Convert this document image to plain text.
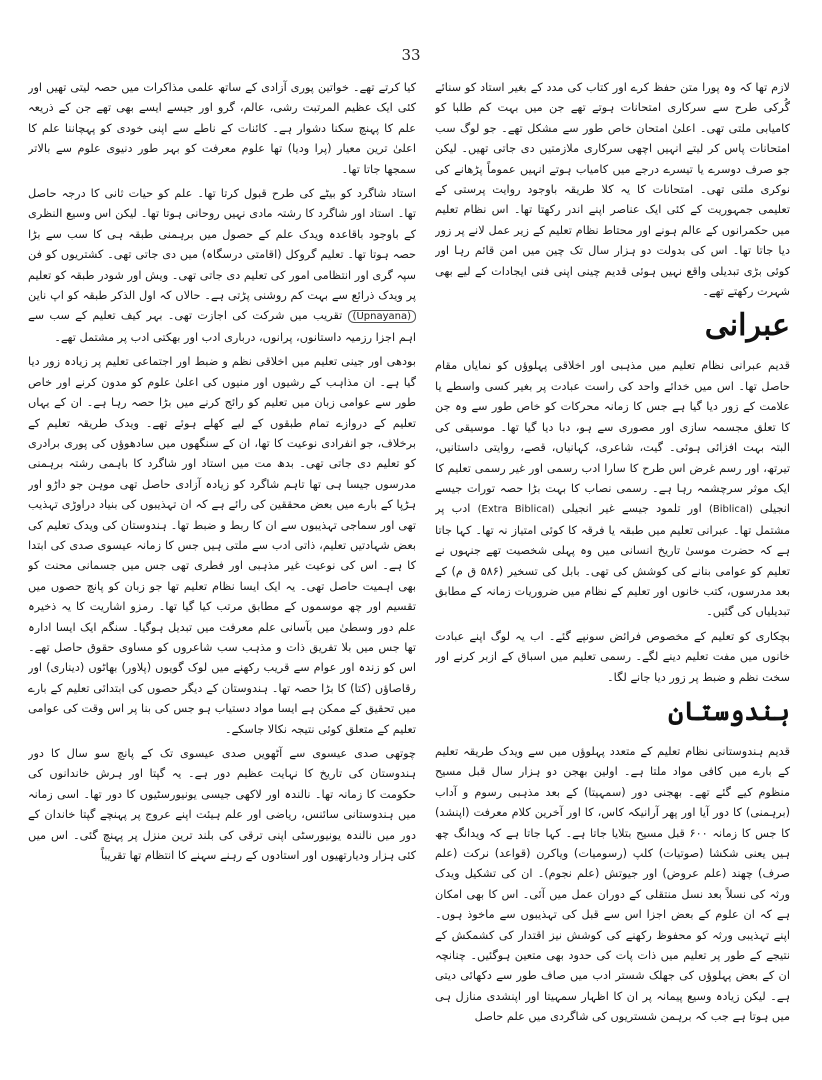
33

لازم تھا کہ وہ پورا متن حفظ کرے اور کتاب کی مدد کے بغیر استاد کو سنائے گُرکی طرح سے سرکاری امتحانات ہوتے تھے جن میں بہت کم طلبا کو کامیابی ملتی تھی۔ اعلیٰ امتحان خاص طور سے مشکل تھے۔ جو لوگ سب امتحانات پاس کر لیتے انہیں اچھی سرکاری ملازمتیں دی جاتی تھیں۔ لیکن جو صرف دوسرے یا تیسرے درجے میں کامیاب ہوتے انہیں عموماً پڑھانے کی نوکری ملتی تھی۔ امتحانات کا یہ کلا طریقہ باوجود روایت پرستی کے تعلیمی جمہوریت کے کئی ایک عناصر اپنے اندر رکھتا تھا۔ اس نظام تعلیم میں حکمرانوں کے عالم ہونے اور محتاط نظام تعلیم کے زیر عمل لانے پر زور دیا جاتا تھا۔ اس کی بدولت دو ہزار سال تک چین میں امن قائم رہا اور کوئی بڑی تبدیلی واقع نہیں ہوئی قدیم چینی اپنی فنی ایجادات کے لیے بھی شہرت رکھتے تھے۔

عبرانی

قدیم عبرانی نظام تعلیم میں مذہبی اور اخلاقی پہلوؤں کو نمایاں مقام حاصل تھا۔ اس میں خدائے واحد کی راست عبادت پر بغیر کسی واسطے یا علامت کے زور دیا گیا ہے جس کا زمانہ محرکات کو خاص طور سے وہ جن کا تعلق مجسمہ سازی اور مصوری سے ہو، دبا دیا گیا تھا۔ موسیقی کی البتہ بہت افزائی ہوئی۔ گیت، شاعری، کہانیاں، قصے، روایتی داستانیں، تیرتھ، اور رسم غرض اس طرح کا سارا ادب رسمی اور غیر رسمی تعلیم کا ایک موثر سرچشمہ رہا ہے۔ رسمی نصاب کا بہت بڑا حصہ تورات جیسے انجیلی (Biblical) اور تلمود جیسے غیر انجیلی (Extra Biblical) ادب پر مشتمل تھا۔ عبرانی تعلیم میں طبقہ یا فرقہ کا کوئی امتیاز نہ تھا۔ کہا جاتا ہے کہ حضرت موسیٰ تاریخ انسانی میں وہ پہلی شخصیت تھے جنہوں نے تعلیم کو عوامی بنانے کی کوشش کی تھی۔ بابل کی تسخیر (۵۸۶ ق م) کے بعد مدرسوں، کتب خانوں اور تعلیم کے نظام میں ضروریات زمانہ کے مطابق تبدیلیاں کی گئیں۔

بچکاری کو تعلیم کے مخصوص فرائض سونپے گئے۔ اب یہ لوگ اپنے عبادت خانوں میں مفت تعلیم دینے لگے۔ رسمی تعلیم میں اسباق کے ازبر کرنے اور سخت نظم و ضبط پر زور دیا جانے لگا۔

ہندوستان

قدیم ہندوستانی نظام تعلیم کے متعدد پہلوؤں میں سے ویدک طریقہ تعلیم کے بارے میں کافی مواد ملتا ہے۔ اولین بھجن دو ہزار سال قبل مسیح منظوم کیے گئے تھے۔ بھجنی دور (سمہیتا) کے بعد مذہبی رسوم و آداب (برہمنی) کا دور آیا اور پھر آرانیکہ کاس، کا اور آخرین کلام معرفت (اپنشد) کا جس کا زمانہ ۶۰۰ قبل مسیح بتلایا جاتا ہے۔ کہا جاتا ہے کہ ویدانگ چھ ہیں یعنی شکشا (صوتیات) کلپ (رسومیات) ویاکرن (قواعد) نرکت (علم صرف) چھند (علم عروض) اور جیوتش (علم نجوم)۔ ان کی تشکیل ویدک ورثہ کی نسلاً بعد نسل منتقلی کے دوران عمل میں آئی۔ اس کا بھی امکان ہے کہ ان علوم کے بعض اجزا اس سے قبل کی تہذیبوں سے ماخوذ ہوں۔ اپنے تہذیبی ورثہ کو محفوظ رکھنے کی کوشش نیز اقتدار کی کشمکش کے نتیجے کے طور پر تعلیم میں ذات پات کی حدود بھی متعین ہوگئیں۔ چنانچہ ان کے بعض پہلوؤں کی جھلک شستر ادب میں صاف طور سے دکھائی دیتی ہے۔ لیکن زیادہ وسیع پیمانہ پر ان کا اظہار سمہیتا اور اپنشدی منازل ہی میں ہوتا ہے جب کہ برہمن شستریوں کی شاگردی میں علم حاصل

کیا کرتے تھے۔ خواتین پوری آزادی کے ساتھ علمی مذاکرات میں حصہ لیتی تھیں اور کئی ایک عظیم المرتبت رشی، عالم، گرو اور جیسے ایسے بھی تھے جن کے ذریعہ علم کا پہنچ سکنا دشوار ہے۔ کائنات کے ناطے سے اپنی خودی کو پہچاننا علم کا اعلیٰ ترین معیار (پرا ودیا) تھا علوم معرفت کو بہر طور دنیوی علوم سے بالاتر سمجھا جاتا تھا۔

استاد شاگرد کو بیٹے کی طرح قبول کرتا تھا۔ علم کو حیات ثانی کا درجہ حاصل تھا۔ استاد اور شاگرد کا رشتہ مادی نہیں روحانی ہوتا تھا۔ لیکن اس وسیع النظری کے باوجود باقاعدہ ویدک علم کے حصول میں برہمنی طبقہ ہی کا سب سے بڑا حصہ ہوتا تھا۔ تعلیم گروکل (اقامتی درسگاہ) میں دی جاتی تھی۔ کشتریوں کو فن سپہ گری اور انتظامی امور کی تعلیم دی جاتی تھی۔ ویش اور شودر طبقہ کو تعلیم پر ویدک ذرائع سے بہت کم روشنی پڑتی ہے۔ حالاں کہ اول الذکر طبقہ کو اپ ناین (Upnayana) تقریب میں شرکت کی اجازت تھی۔ بہر کیف تعلیم کے سب سے اہم اجزا رزمیہ داستانوں، پرانوں، درباری ادب اور بھکتی ادب پر مشتمل تھے۔

بودھی اور جینی تعلیم میں اخلاقی نظم و ضبط اور اجتماعی تعلیم پر زیادہ زور دیا گیا ہے۔ ان مذاہب کے رشیوں اور منیوں کی اعلیٰ علوم کو مدون کرنے اور خاص طور سے عوامی زبان میں تعلیم کو رائج کرنے میں بڑا حصہ رہا ہے۔ ان کے یہاں تعلیم کے دروازے تمام طبقوں کے لیے کھلے ہوئے تھے۔ ویدک طریقہ تعلیم کے برخلاف، جو انفرادی نوعیت کا تھا، ان کے سنگھوں میں سادھوؤں کی پوری برادری کو تعلیم دی جاتی تھی۔ بدھ مت میں استاد اور شاگرد کا باہمی رشتہ برہمنی مدرسوں جیسا ہی تھا تاہم شاگرد کو زیادہ آزادی حاصل تھی موہن جو داڑو اور ہڑپا کے بارے میں بعض محققین کی رائے ہے کہ ان تہذیبوں کی بنیاد دراوڑی تہذیب تھی اور سماجی تہذیبوں سے ان کا ربط و ضبط تھا۔ ہندوستان کی ویدک تعلیم کی بعض شہادتیں تعلیم، ذاتی ادب سے ملتی ہیں جس کا زمانہ عیسوی صدی کی ابتدا کا ہے۔ اس کی نوعیت غیر مذہبی اور فطری تھی جس میں جسمانی محنت کو بھی اہمیت حاصل تھی۔ یہ ایک ایسا نظام تعلیم تھا جو زبان کو پانچ حصوں میں تقسیم اور چھ موسموں کے مطابق مرتب کیا گیا تھا۔ رمزو اشاریت کا یہ ذخیرہ علم دور وسطیٰ میں بآسانی علم معرفت میں تبدیل ہوگیا۔ سنگم ایک ایسا ادارہ تھا جس میں بلا تفریق ذات و مذہب سب شاعروں کو مساوی حقوق حاصل تھے۔ اس کو زندہ اور عوام سے قریب رکھنے میں لوک گویوں (پلاور) بھاٹوں (دیناری) اور رقاصاؤں (کتا) کا بڑا حصہ تھا۔ ہندوستان کے دیگر حصوں کی ابتدائی تعلیم کے بارے میں تحقیق کے ممکن ہے ایسا مواد دستیاب ہو جس کی بنا پر اس وقت کی عوامی تعلیم کے متعلق کوئی نتیجہ نکالا جاسکے۔

چوتھی صدی عیسوی سے آٹھویں صدی عیسوی تک کے پانچ سو سال کا دور ہندوستان کی تاریخ کا نہایت عظیم دور ہے۔ یہ گپتا اور ہرش خاندانوں کی حکومت کا زمانہ تھا۔ نالندہ اور لاکھی جیسی یونیورسٹیوں کا دور تھا۔ اسی زمانہ میں ہندوستانی سائنس، ریاضی اور علم ہیئت اپنے عروج پر پہنچے گپتا خاندان کے دور میں نالندہ یونیورسٹی اپنی ترقی کی بلند ترین منزل پر پہنچ گئی۔ اس میں کئی ہزار ودیارتھیوں اور استادوں کے رہنے سہنے کا انتظام تھا تقریباً
